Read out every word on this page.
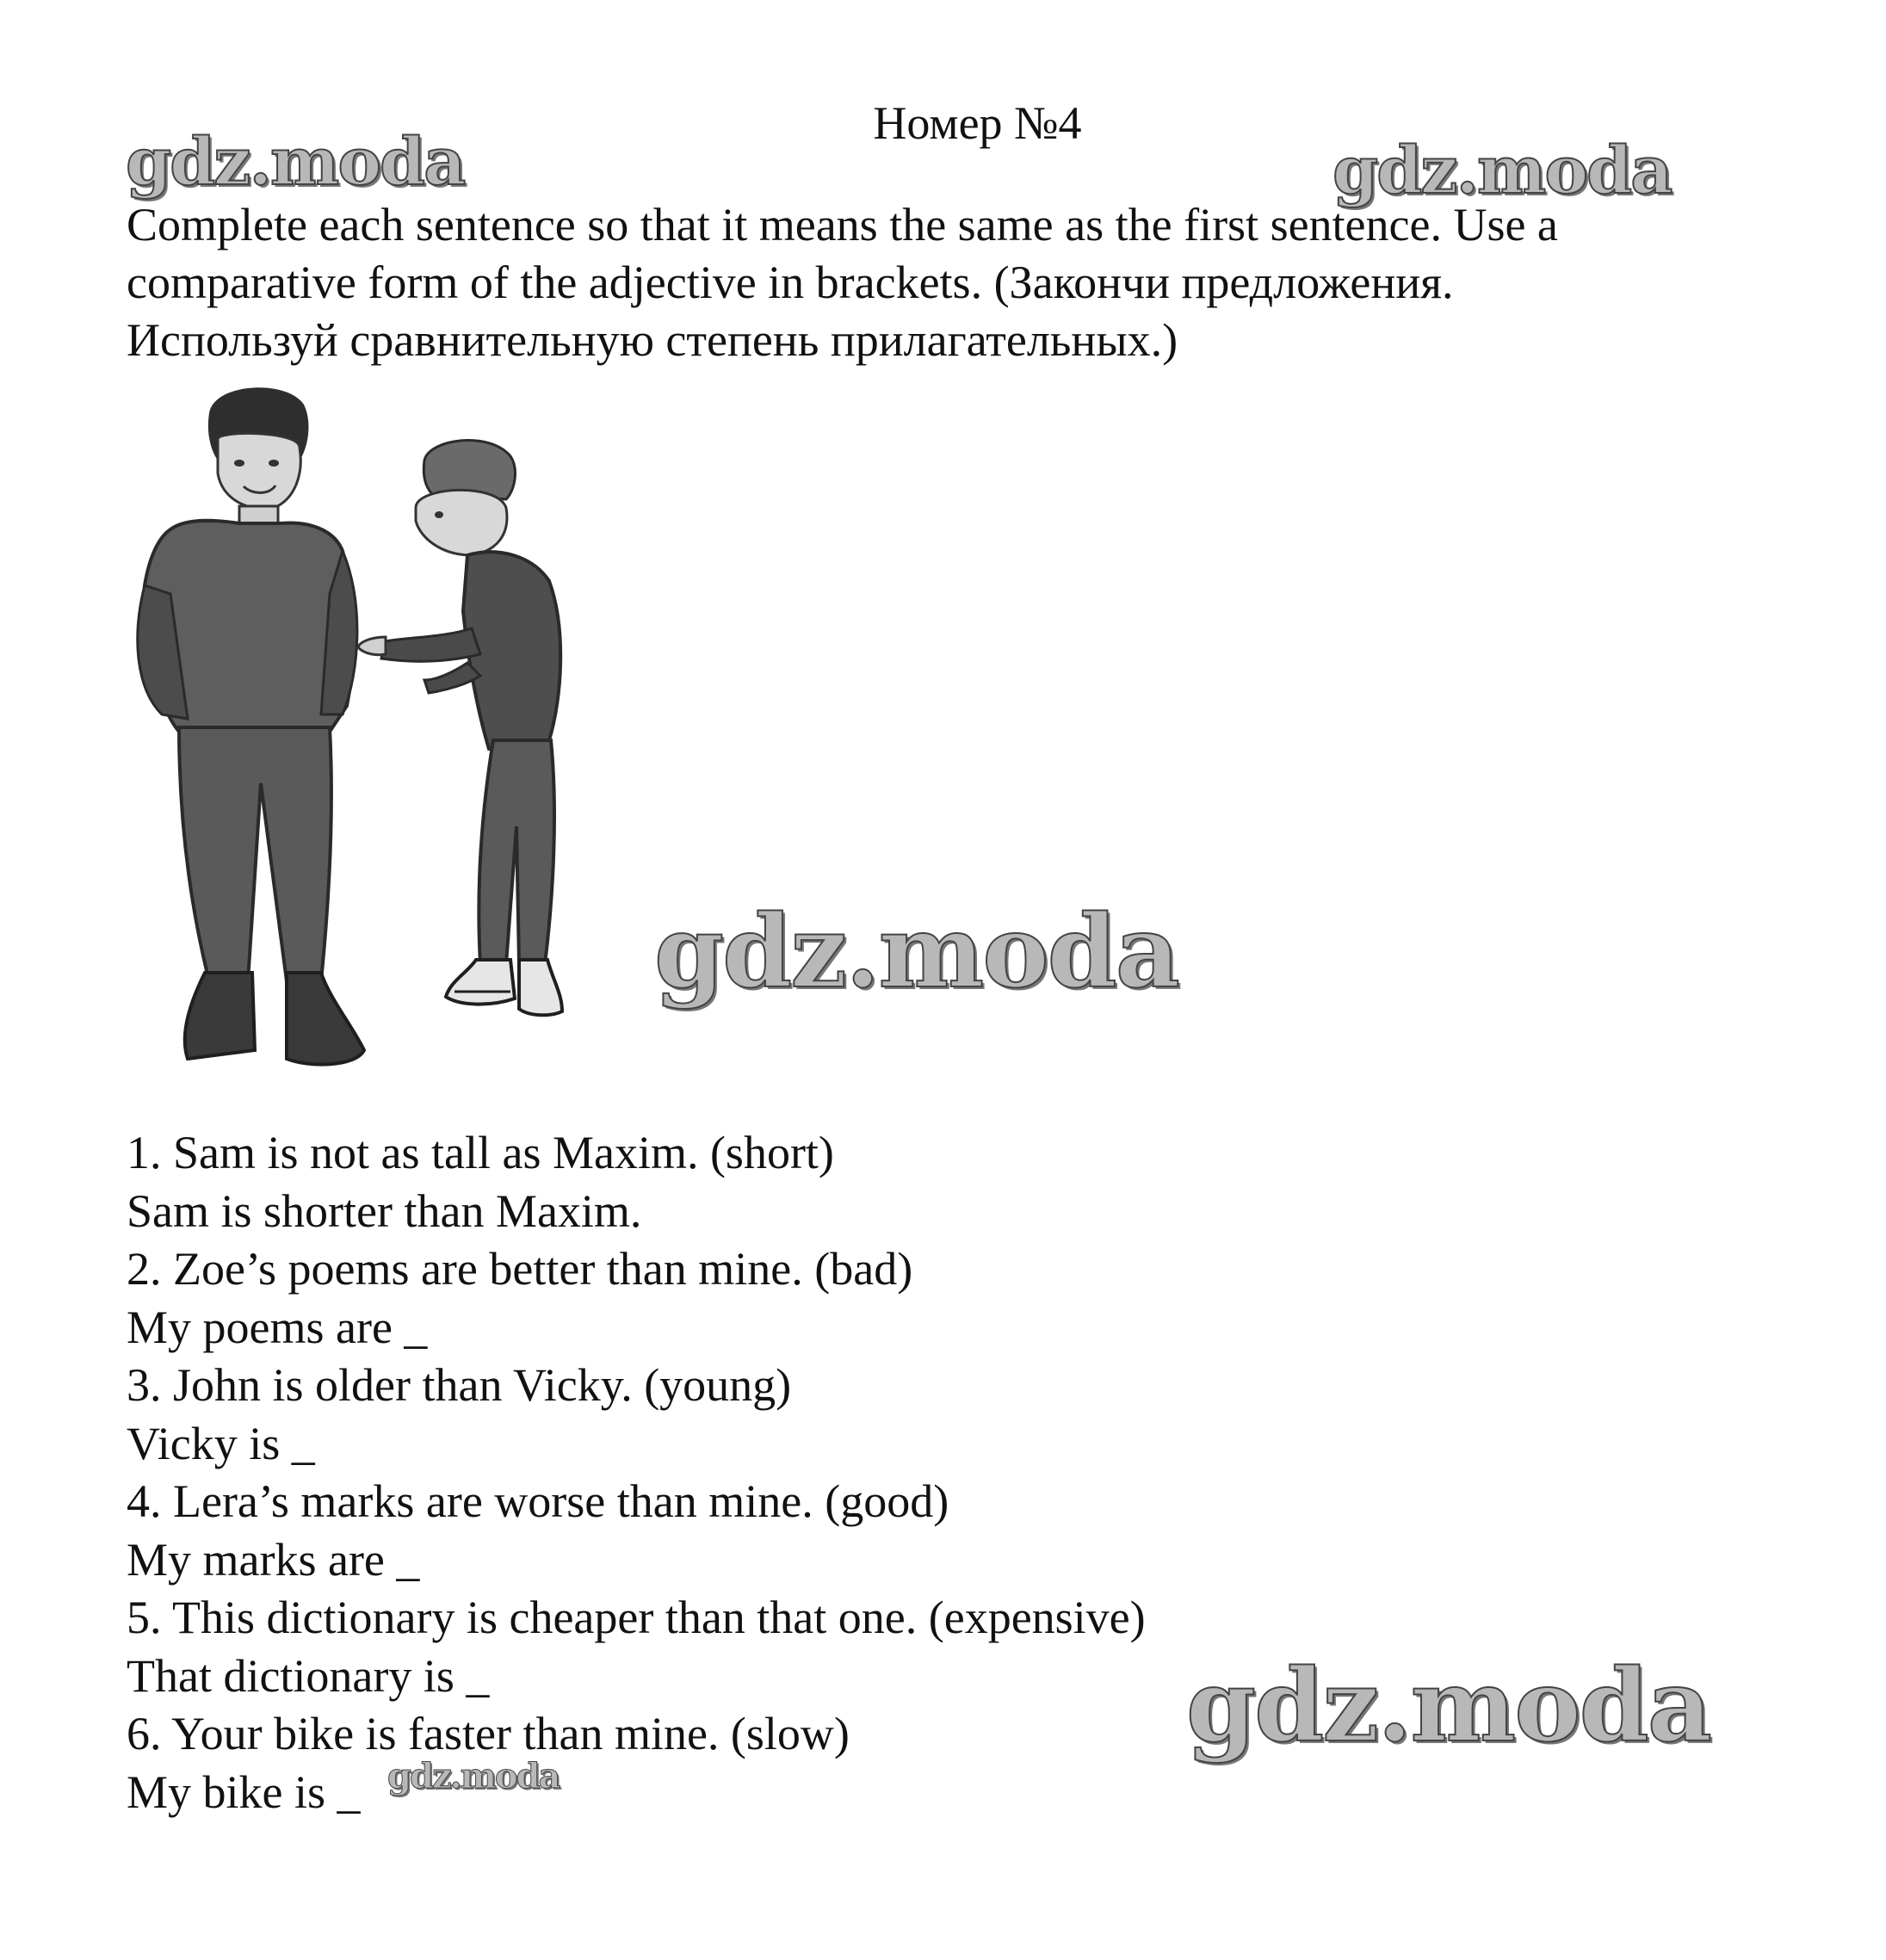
Номер №4
Complete each sentence so that it means the same as the first sentence. Use a
comparative form of the adjective in brackets. (Закончи предложения.
Используй сравнительную степень прилагательных.)
1. Sam is not as tall as Maxim. (short)
Sam is shorter than Maxim.
2. Zoe’s poems are better than mine. (bad)
My poems are _
3. John is older than Vicky. (young)
Vicky is _
4. Lera’s marks are worse than mine. (good)
My marks are _
5. This dictionary is cheaper than that one. (expensive)
That dictionary is _
6. Your bike is faster than mine. (slow)
My bike is _
gdz.moda	gdz.moda
gdz.moda
gdz.moda
gdz.moda
